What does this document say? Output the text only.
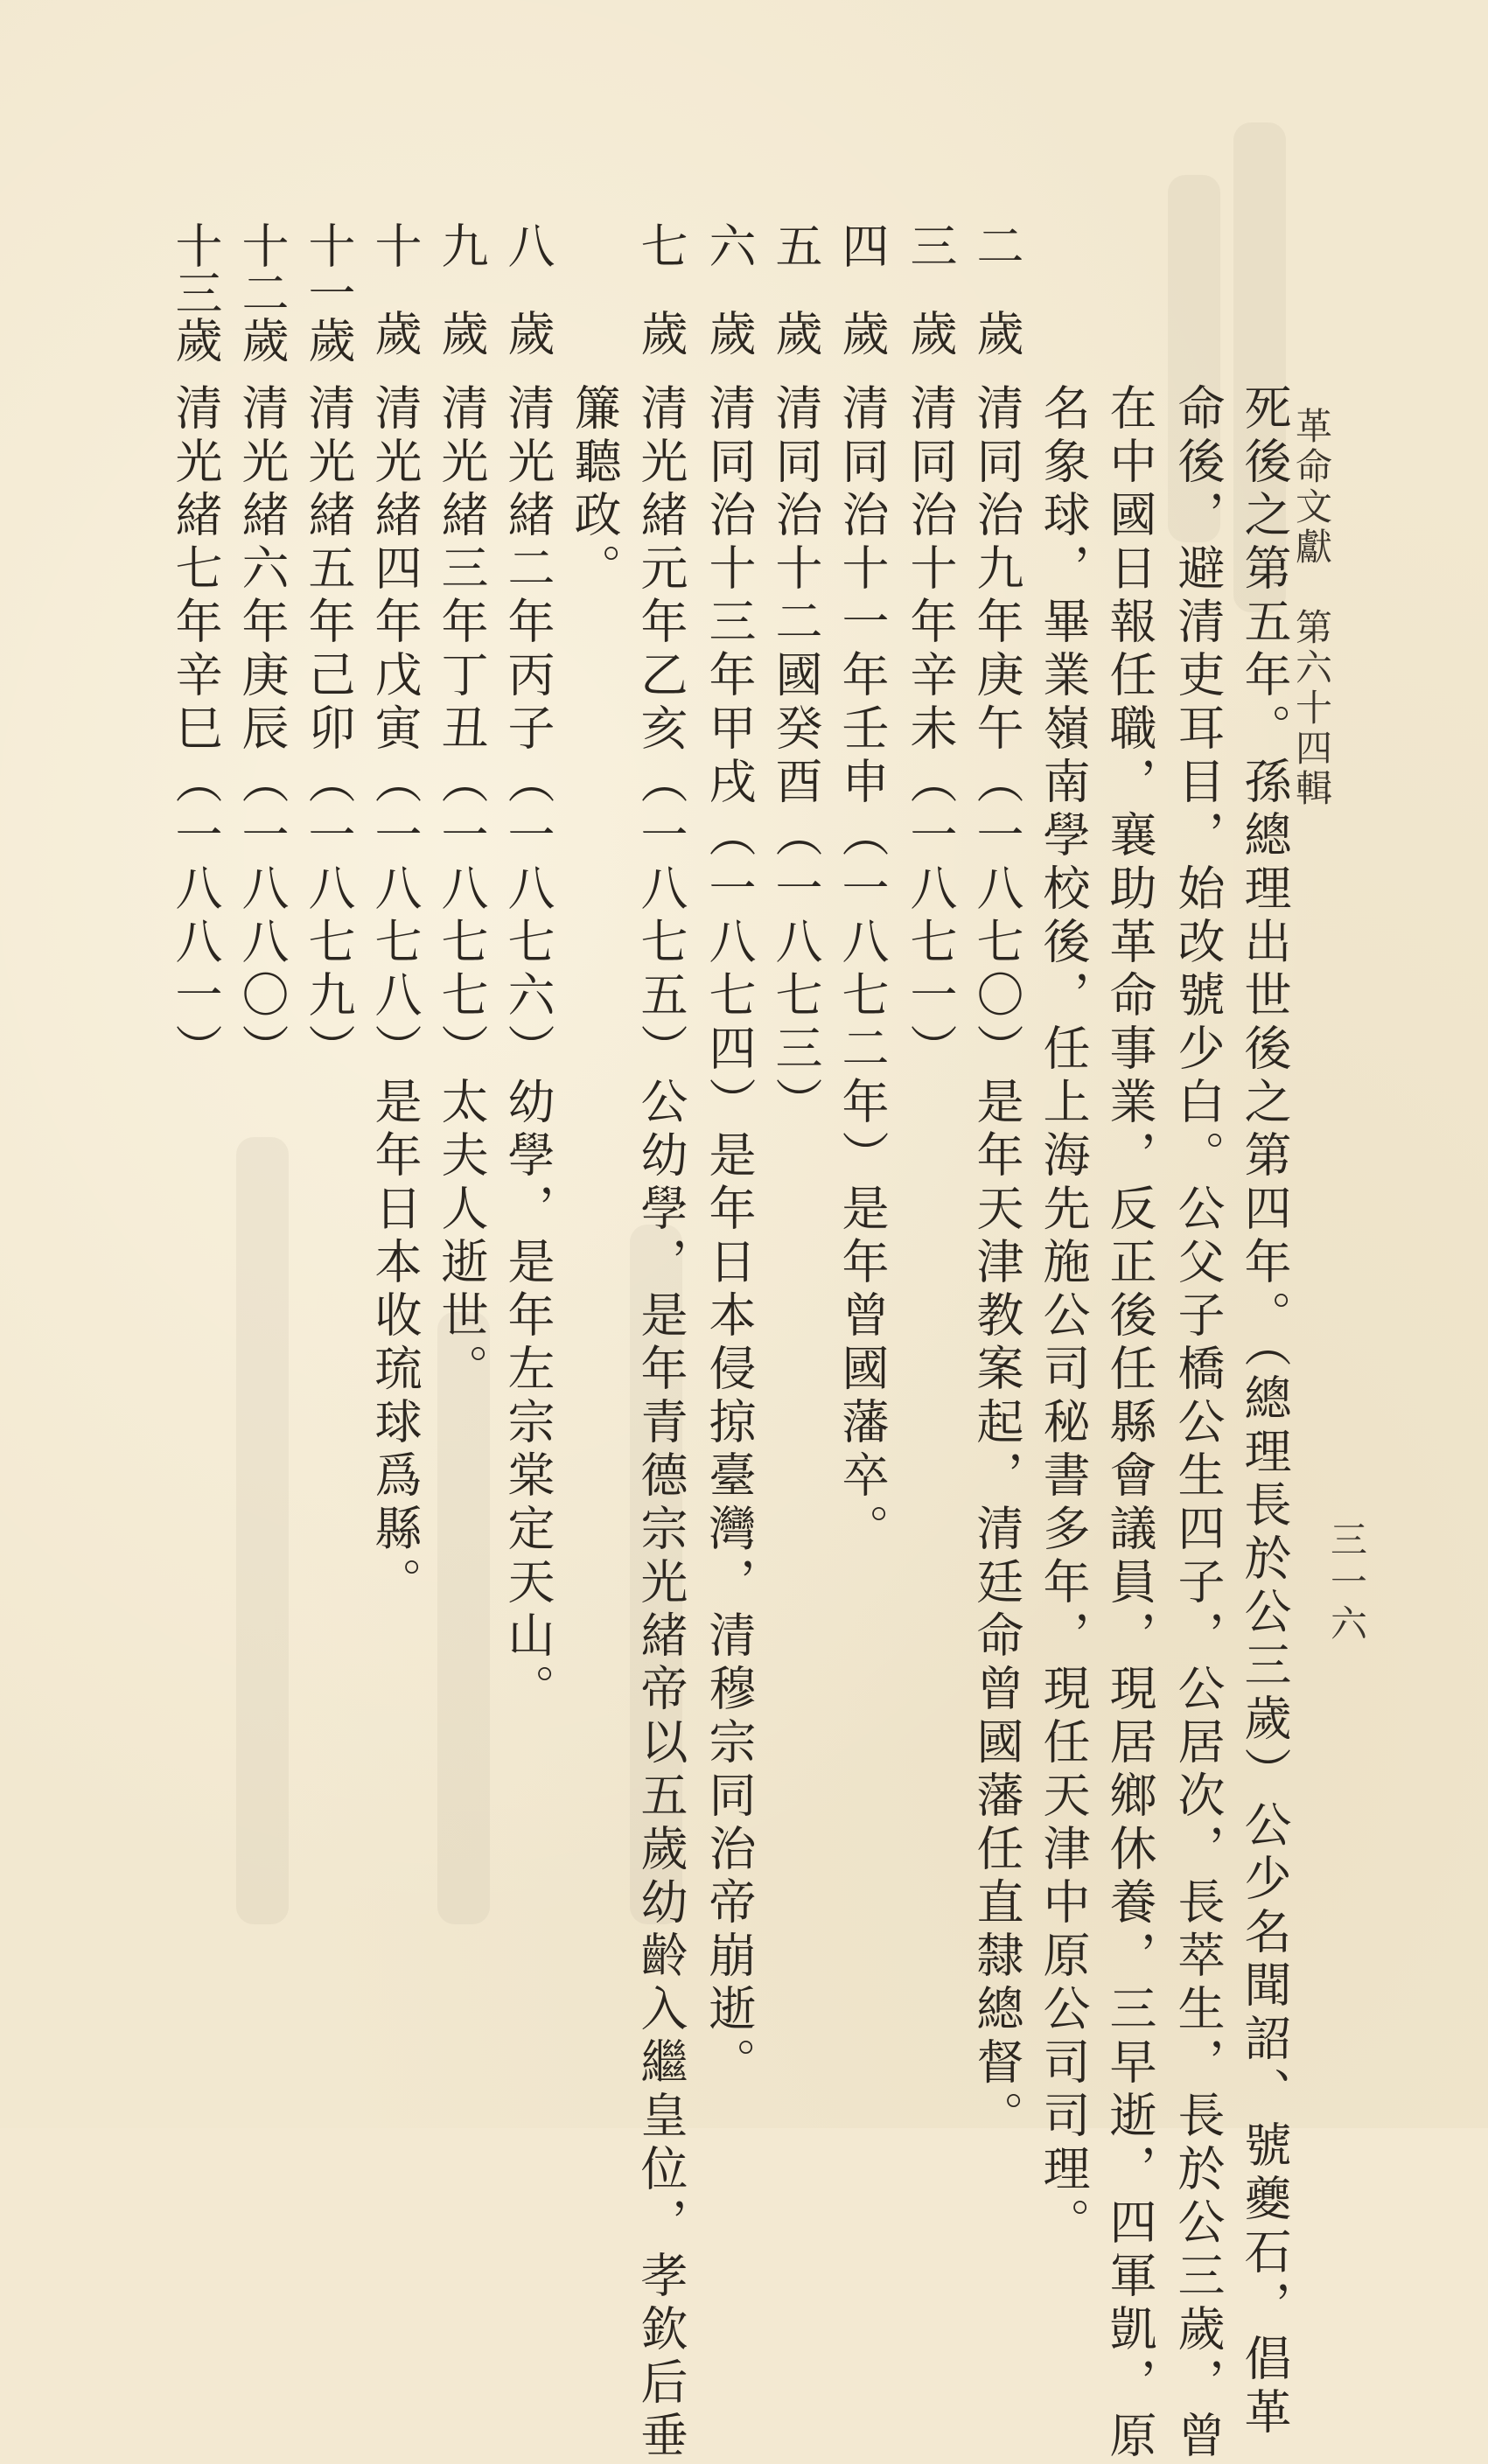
革命文獻　第六十四輯
三一六
死後之第五年。孫總理出世後之第四年。（總理長於公三歲）公少名聞詔、號夔石，倡革
命後，避清吏耳目，始改號少白。公父子橋公生四子，公居次，長萃生，長於公三歲，曾
在中國日報任職，襄助革命事業，反正後任縣會議員，現居鄉休養，三早逝，四軍凱，原
名象球，畢業嶺南學校後，任上海先施公司秘書多年，現任天津中原公司司理。
二歲
清同治九年庚午（一八七〇）是年天津教案起，清廷命曾國藩任直隸總督。
三歲
清同治十年辛未（一八七一）
四歲
清同治十一年壬申（一八七二年）是年曾國藩卒。
五歲
清同治十二國癸酉（一八七三）
六歲
清同治十三年甲戌（一八七四）是年日本侵掠臺灣，清穆宗同治帝崩逝。
七歲
清光緒元年乙亥（一八七五）公幼學，是年青德宗光緒帝以五歲幼齡入繼皇位，孝欽后垂
簾聽政。
八歲
清光緒二年丙子（一八七六）幼學，是年左宗棠定天山。
九歲
清光緒三年丁丑（一八七七）太夫人逝世。
十歲
清光緒四年戊寅（一八七八）是年日本收琉球爲縣。
十一歲
清光緒五年己卯（一八七九）
十二歲
清光緒六年庚辰（一八八〇）
十三歲
清光緒七年辛巳（一八八一）
